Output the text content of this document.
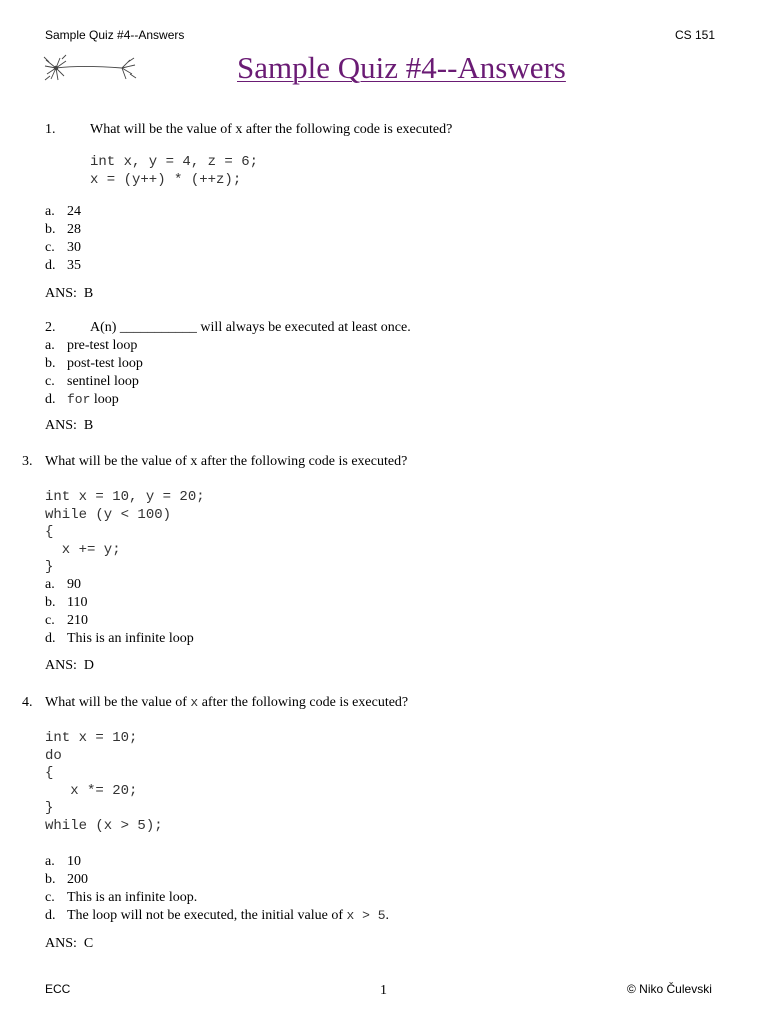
Sample Quiz #4--Answers	CS 151
Sample Quiz #4--Answers
1. What will be the value of x after the following code is executed?
int x, y = 4, z = 6;
x = (y++) * (++z);
a. 24
b. 28
c. 30
d. 35
ANS:  B
2. A(n) ___________ will always be executed at least once.
a. pre-test loop
b. post-test loop
c. sentinel loop
d. for loop
ANS:  B
3. What will be the value of x after the following code is executed?
int x = 10, y = 20;
while (y < 100)
{
x += y;
}
a. 90
b. 110
c. 210
d. This is an infinite loop
ANS:  D
4. What will be the value of x after the following code is executed?
int x = 10;
do
{
x *= 20;
}
while (x > 5);
a. 10
b. 200
c. This is an infinite loop.
d. The loop will not be executed, the initial value of x > 5.
ANS:  C
ECC	1	© Niko Čulevski
